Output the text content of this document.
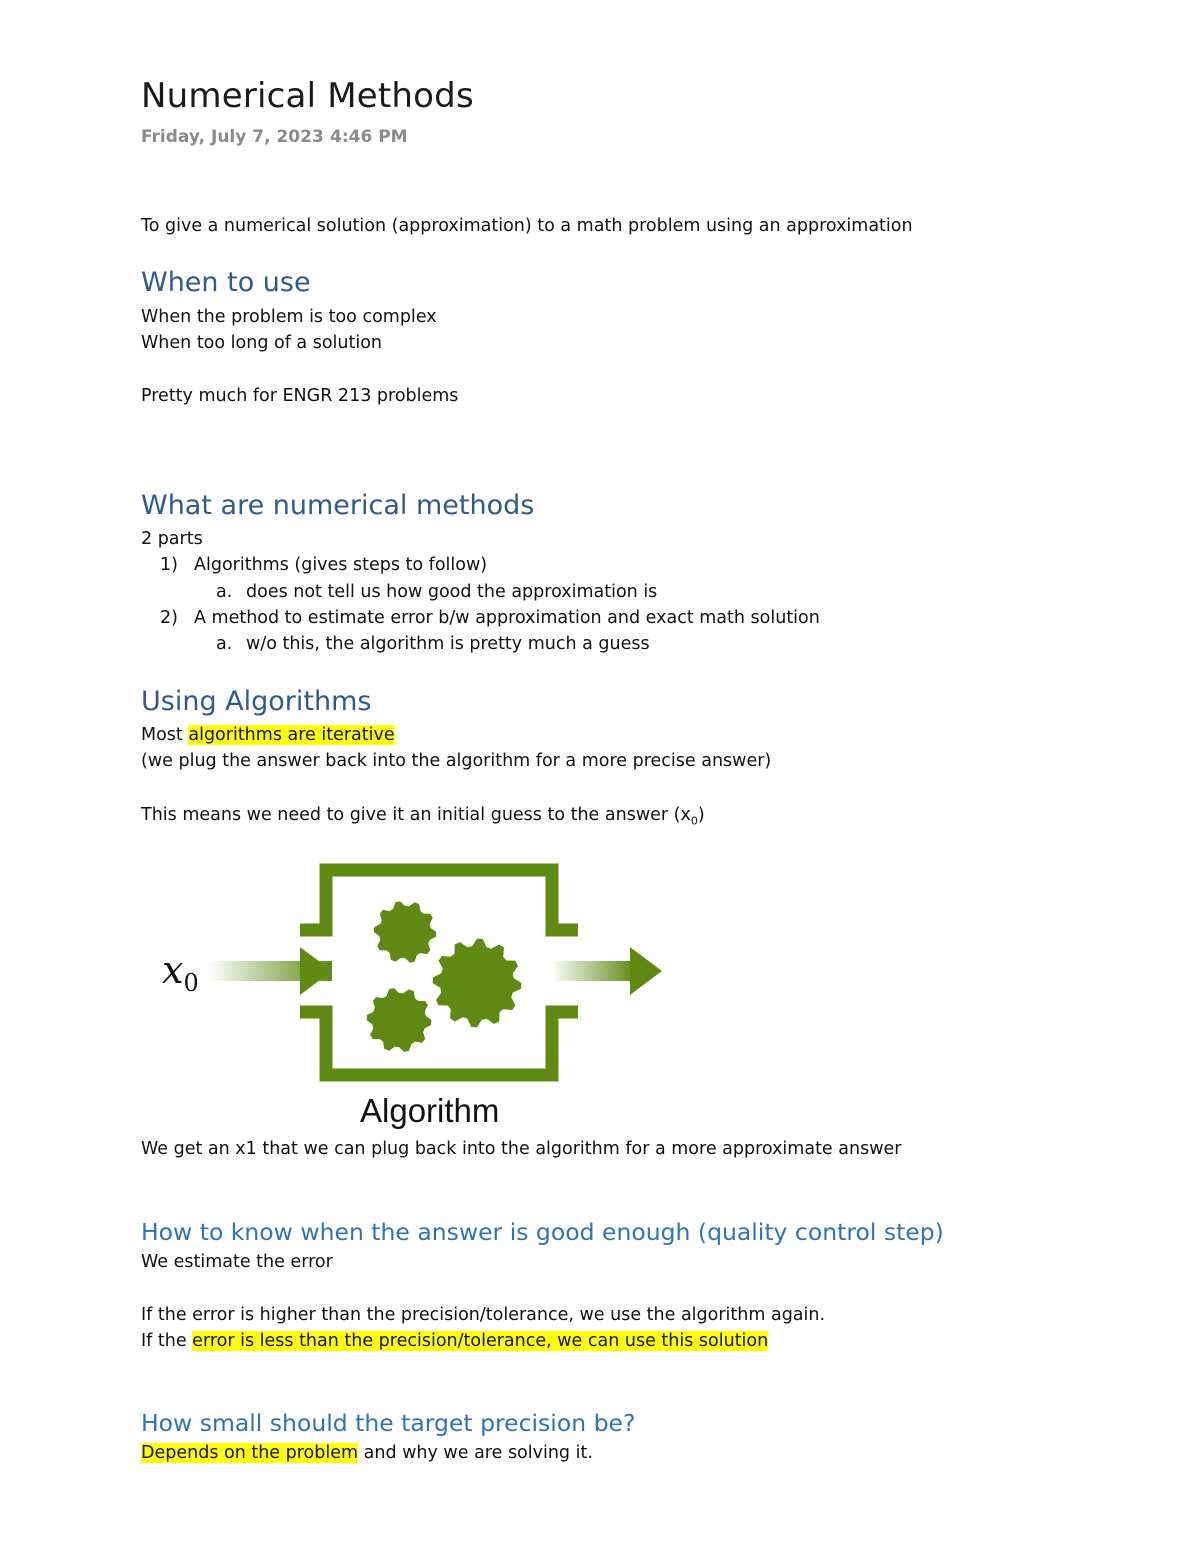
Numerical Methods
Friday, July 7, 2023 4:46 PM
To give a numerical solution (approximation) to a math problem using an approximation
When to use
When the problem is too complex
When too long of a solution
Pretty much for ENGR 213 problems
What are numerical methods
2 parts
1) Algorithms (gives steps to follow)
a. does not tell us how good the approximation is
2) A method to estimate error b/w approximation and exact math solution
a. w/o this, the algorithm is pretty much a guess
Using Algorithms
Most algorithms are iterative
(we plug the answer back into the algorithm for a more precise answer)
This means we need to give it an initial guess to the answer $(x_0)$
$x_0$
Algorithm
We get an x1 that we can plug back into the algorithm for a more approximate answer
How to know when the answer is good enough (quality control step)
We estimate the error
If the error is higher than the precision/tolerance, we use the algorithm again.
If the error is less than the precision/tolerance, we can use this solution
How small should the target precision be?
Depends on the problem and why we are solving it.
